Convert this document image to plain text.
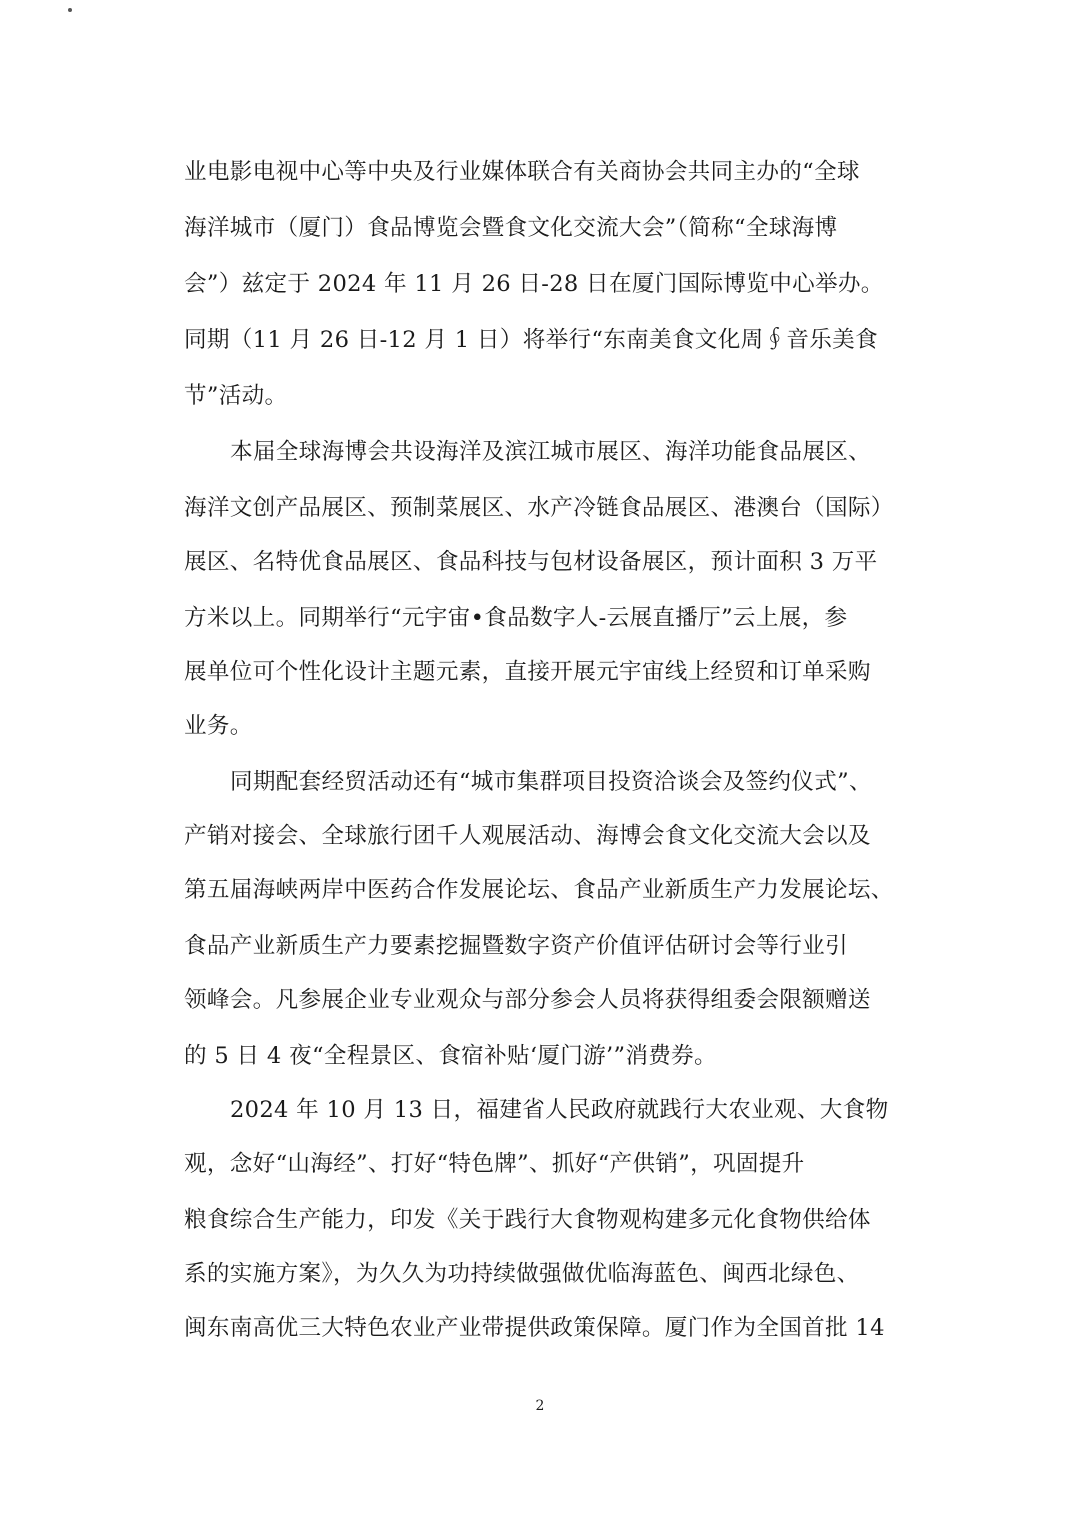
业电影电视中心等中央及行业媒体联合有关商协会共同主办的“全球
海洋城市（厦门）食品博览会暨食文化交流大会”（简称“全球海博
会”）兹定于 2024 年 11 月 26 日-28 日在厦门国际博览中心举办。
同期（11 月 26 日-12 月 1 日）将举行“东南美食文化周∮音乐美食
节”活动。
本届全球海博会共设海洋及滨江城市展区、海洋功能食品展区、
海洋文创产品展区、预制菜展区、水产冷链食品展区、港澳台（国际）
展区、名特优食品展区、食品科技与包材设备展区，预计面积 3 万平
方米以上。同期举行“元宇宙•食品数字人-云展直播厅”云上展，参
展单位可个性化设计主题元素，直接开展元宇宙线上经贸和订单采购
业务。
同期配套经贸活动还有“城市集群项目投资洽谈会及签约仪式”、
产销对接会、全球旅行团千人观展活动、海博会食文化交流大会以及
第五届海峡两岸中医药合作发展论坛、食品产业新质生产力发展论坛、
食品产业新质生产力要素挖掘暨数字资产价值评估研讨会等行业引
领峰会。凡参展企业专业观众与部分参会人员将获得组委会限额赠送
的 5 日 4 夜“全程景区、食宿补贴‘厦门游’”消费券。
2024 年 10 月 13 日，福建省人民政府就践行大农业观、大食物
观，念好“山海经”、打好“特色牌”、抓好“产供销”，巩固提升
粮食综合生产能力，印发《关于践行大食物观构建多元化食物供给体
系的实施方案》，为久久为功持续做强做优临海蓝色、闽西北绿色、
闽东南高优三大特色农业产业带提供政策保障。厦门作为全国首批 14
2
